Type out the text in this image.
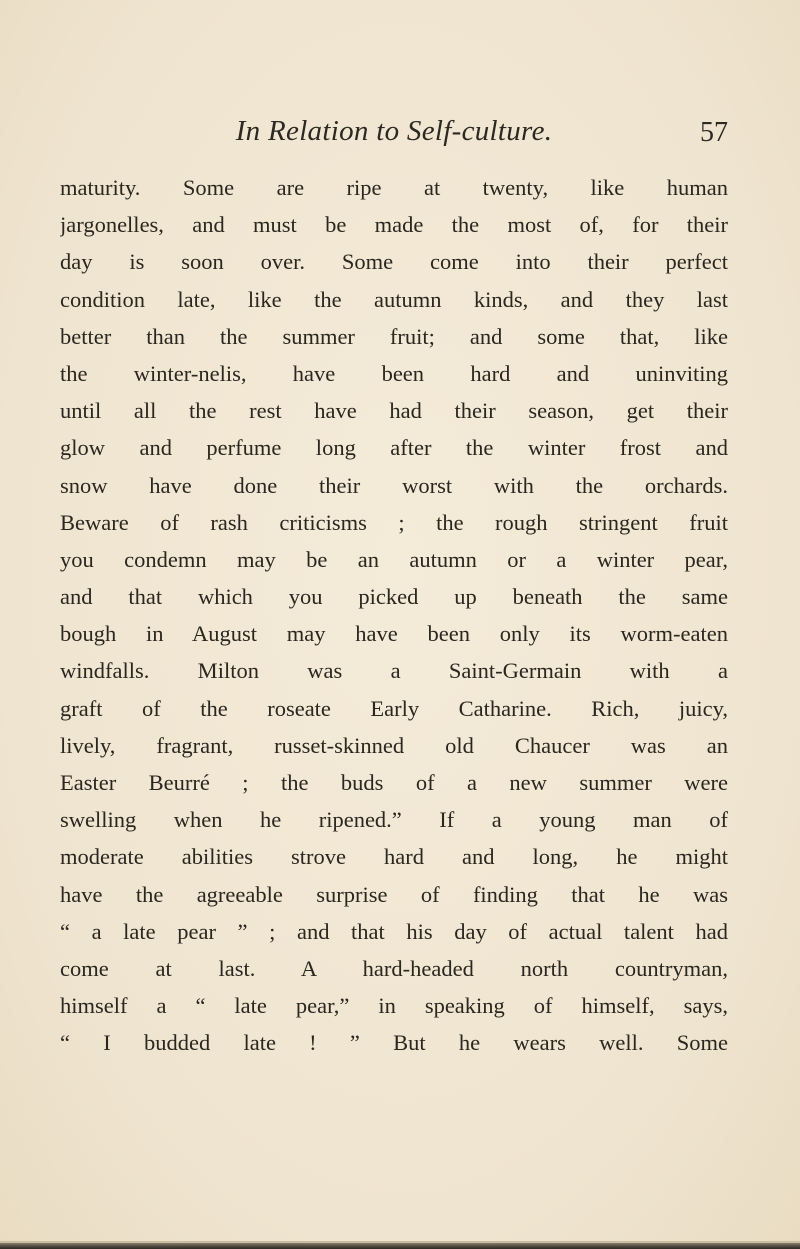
In Relation to Self-culture.	57
maturity. Some are ripe at twenty, like human
jargonelles, and must be made the most of, for their
day is soon over. Some come into their perfect
condition late, like the autumn kinds, and they last
better than the summer fruit; and some that, like
the winter-nelis, have been hard and uninviting
until all the rest have had their season, get their
glow and perfume long after the winter frost and
snow have done their worst with the orchards.
Beware of rash criticisms ; the rough stringent fruit
you condemn may be an autumn or a winter pear,
and that which you picked up beneath the same
bough in August may have been only its worm-eaten
windfalls. Milton was a Saint-Germain with a
graft of the roseate Early Catharine. Rich, juicy,
lively, fragrant, russet-skinned old Chaucer was an
Easter Beurré ; the buds of a new summer were
swelling when he ripened.” If a young man of
moderate abilities strove hard and long, he might
have the agreeable surprise of finding that he was
“ a late pear ” ; and that his day of actual talent had
come at last. A hard-headed north countryman,
himself a “ late pear,” in speaking of himself, says,
“ I budded late ! ” But he wears well. Some
